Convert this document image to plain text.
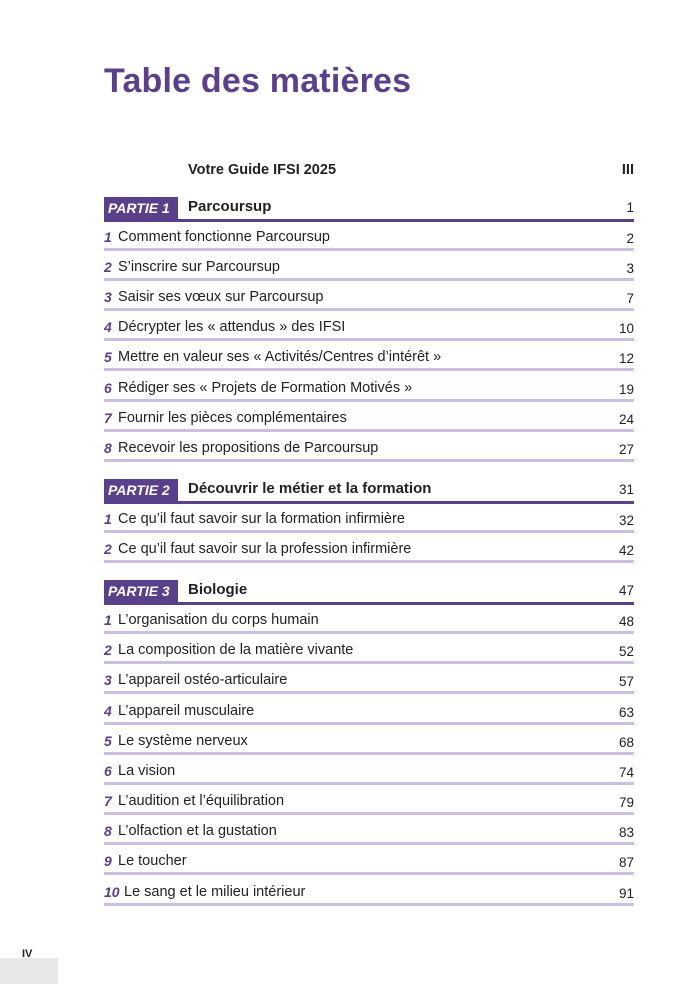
Table des matières
Votre Guide IFSI 2025	III
PARTIE 1	Parcoursup	1
1 Comment fonctionne Parcoursup	2
2 S’inscrire sur Parcoursup	3
3 Saisir ses vœux sur Parcoursup	7
4 Décrypter les « attendus » des IFSI	10
5 Mettre en valeur ses « Activités/Centres d’intérêt »	12
6 Rédiger ses « Projets de Formation Motivés »	19
7 Fournir les pièces complémentaires	24
8 Recevoir les propositions de Parcoursup	27
PARTIE 2	Découvrir le métier et la formation	31
1 Ce qu’il faut savoir sur la formation infirmière	32
2 Ce qu’il faut savoir sur la profession infirmière	42
PARTIE 3	Biologie	47
1 L’organisation du corps humain	48
2 La composition de la matière vivante	52
3 L’appareil ostéo-articulaire	57
4 L’appareil musculaire	63
5 Le système nerveux	68
6 La vision	74
7 L’audition et l’équilibration	79
8 L’olfaction et la gustation	83
9 Le toucher	87
10 Le sang et le milieu intérieur	91
IV
